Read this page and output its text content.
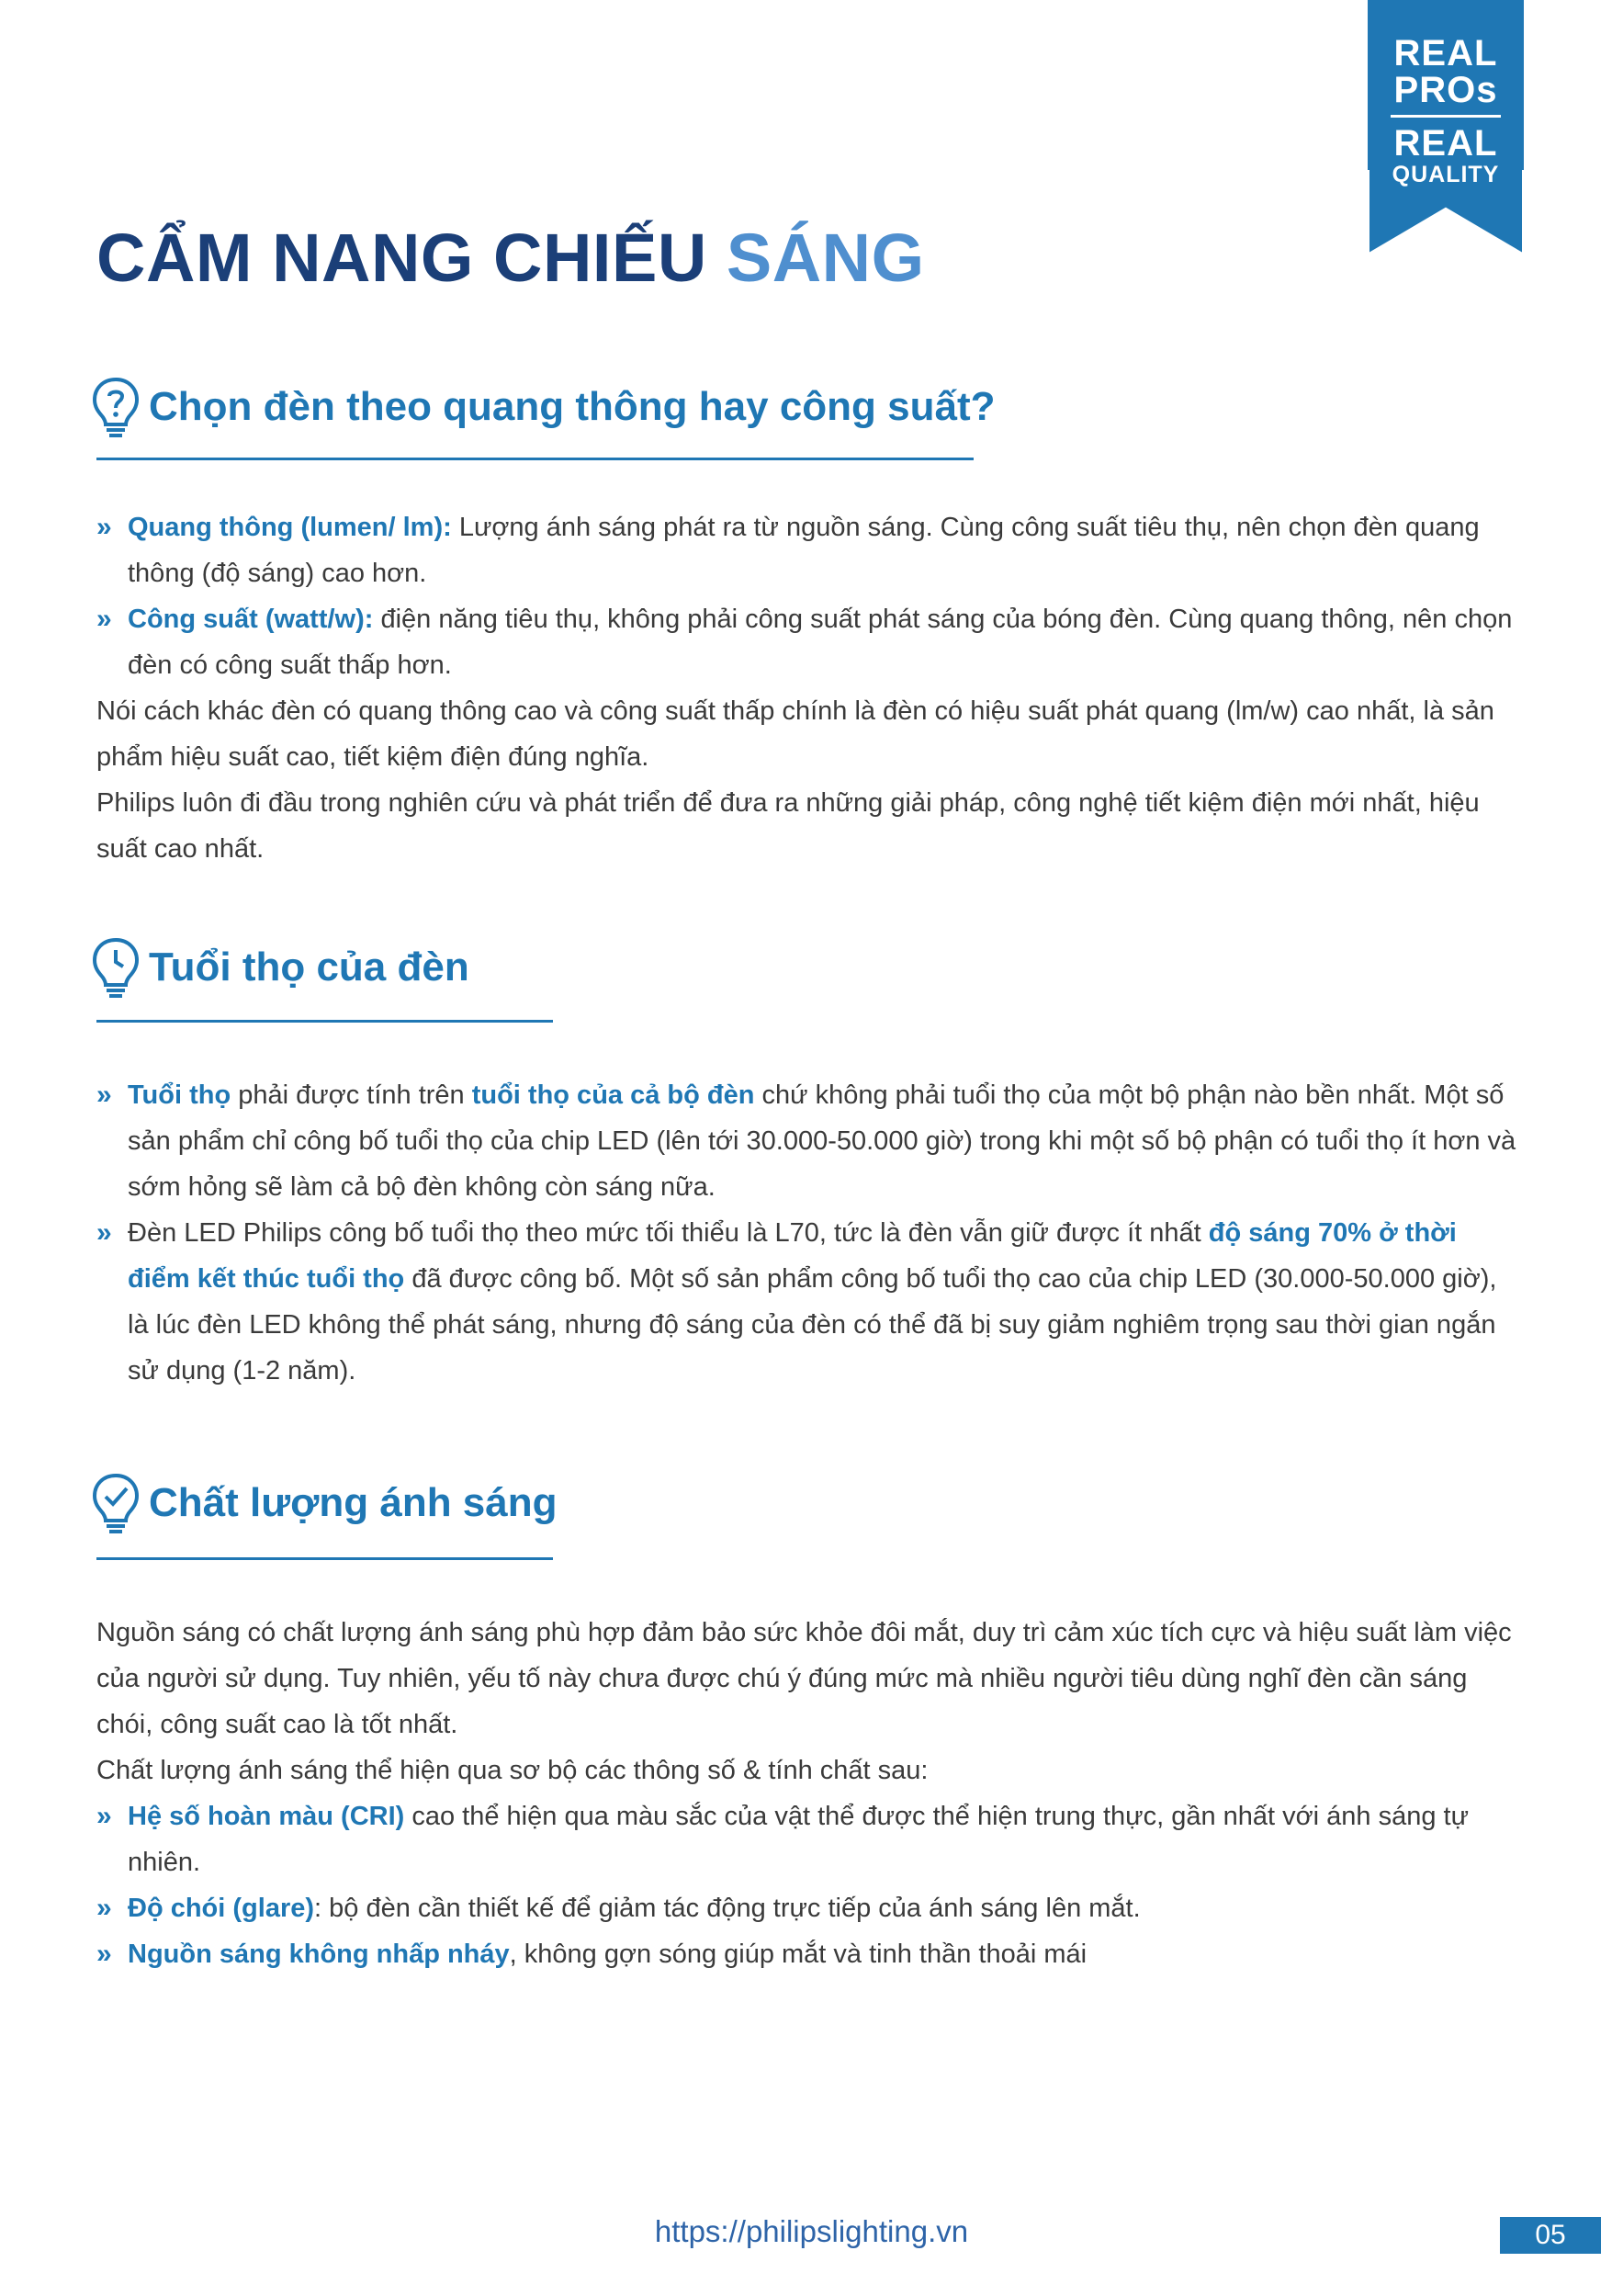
REAL
PROs
REAL
QUALITY
CẨM NANG CHIẾU SÁNG
Chọn đèn theo quang thông hay công suất?
» Quang thông (lumen/ lm): Lượng ánh sáng phát ra từ nguồn sáng. Cùng công suất tiêu thụ, nên chọn đèn quang thông (độ sáng) cao hơn.
» Công suất (watt/w): điện năng tiêu thụ, không phải công suất phát sáng của bóng đèn. Cùng quang thông, nên chọn đèn có công suất thấp hơn.

Nói cách khác đèn có quang thông cao và công suất thấp chính là đèn có hiệu suất phát quang (lm/w) cao nhất, là sản phẩm hiệu suất cao, tiết kiệm điện đúng nghĩa.

Philips luôn đi đầu trong nghiên cứu và phát triển để đưa ra những giải pháp, công nghệ tiết kiệm điện mới nhất, hiệu suất cao nhất.

Tuổi thọ của đèn
» Tuổi thọ phải được tính trên tuổi thọ của cả bộ đèn chứ không phải tuổi thọ của một bộ phận nào bền nhất. Một số sản phẩm chỉ công bố tuổi thọ của chip LED (lên tới 30.000-50.000 giờ) trong khi một số bộ phận có tuổi thọ ít hơn và sớm hỏng sẽ làm cả bộ đèn không còn sáng nữa.
» Đèn LED Philips công bố tuổi thọ theo mức tối thiểu là L70, tức là đèn vẫn giữ được ít nhất độ sáng 70% ở thời điểm kết thúc tuổi thọ đã được công bố. Một số sản phẩm công bố tuổi thọ cao của chip LED (30.000-50.000 giờ), là lúc đèn LED không thể phát sáng, nhưng độ sáng của đèn có thể đã bị suy giảm nghiêm trọng sau thời gian ngắn sử dụng (1-2 năm).
Chất lượng ánh sáng

Nguồn sáng có chất lượng ánh sáng phù hợp đảm bảo sức khỏe đôi mắt, duy trì cảm xúc tích cực và hiệu suất làm việc của người sử dụng. Tuy nhiên, yếu tố này chưa được chú ý đúng mức mà nhiều người tiêu dùng nghĩ đèn cần sáng chói, công suất cao là tốt nhất.

Chất lượng ánh sáng thể hiện qua sơ bộ các thông số & tính chất sau:

» Hệ số hoàn màu (CRI) cao thể hiện qua màu sắc của vật thể được thể hiện trung thực, gần nhất với ánh sáng tự nhiên.
» Độ chói (glare): bộ đèn cần thiết kế để giảm tác động trực tiếp của ánh sáng lên mắt.
» Nguồn sáng không nhấp nháy, không gợn sóng giúp mắt và tinh thần thoải mái
https://philipslighting.vn	05
